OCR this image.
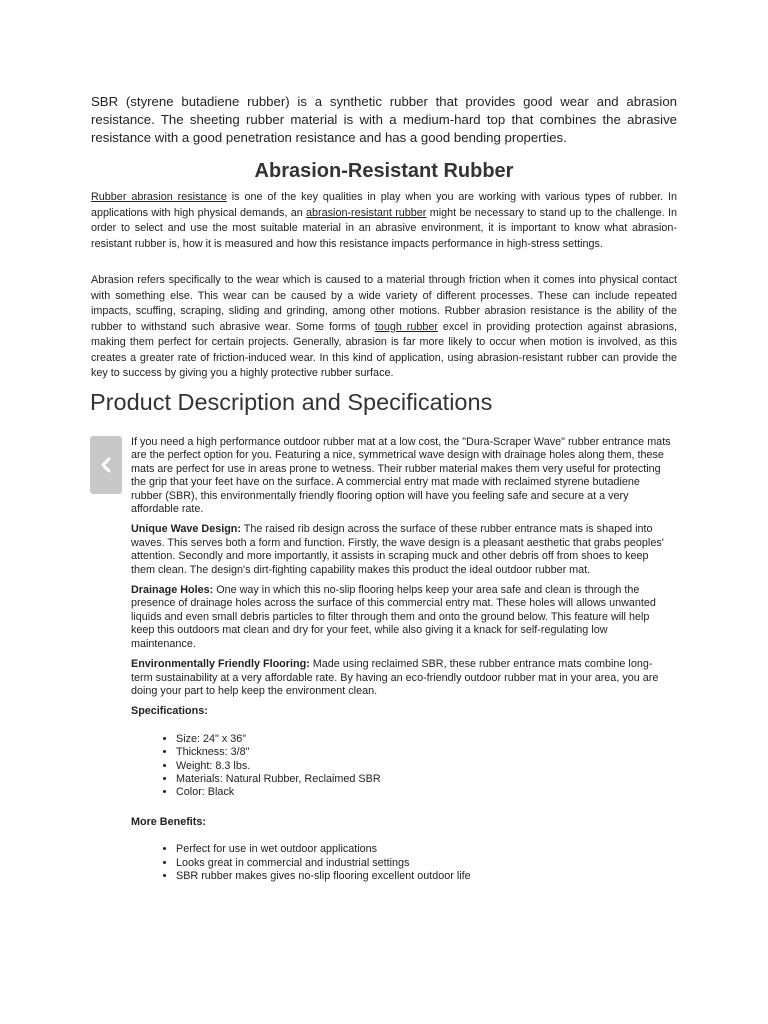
SBR (styrene butadiene rubber) is a synthetic rubber that provides good wear and abrasion resistance. The sheeting rubber material is with a medium-hard top that combines the abrasive resistance with a good penetration resistance and has a good bending properties.

Abrasion-Resistant Rubber

Rubber abrasion resistance is one of the key qualities in play when you are working with various types of rubber. In applications with high physical demands, an abrasion-resistant rubber might be necessary to stand up to the challenge. In order to select and use the most suitable material in an abrasive environment, it is important to know what abrasion-resistant rubber is, how it is measured and how this resistance impacts performance in high-stress settings.

Abrasion refers specifically to the wear which is caused to a material through friction when it comes into physical contact with something else. This wear can be caused by a wide variety of different processes. These can include repeated impacts, scuffing, scraping, sliding and grinding, among other motions. Rubber abrasion resistance is the ability of the rubber to withstand such abrasive wear. Some forms of tough rubber excel in providing protection against abrasions, making them perfect for certain projects. Generally, abrasion is far more likely to occur when motion is involved, as this creates a greater rate of friction-induced wear. In this kind of application, using abrasion-resistant rubber can provide the key to success by giving you a highly protective rubber surface.

Product Description and Specifications

If you need a high performance outdoor rubber mat at a low cost, the "Dura-Scraper Wave" rubber entrance mats are the perfect option for you. Featuring a nice, symmetrical wave design with drainage holes along them, these mats are perfect for use in areas prone to wetness. Their rubber material makes them very useful for protecting the grip that your feet have on the surface. A commercial entry mat made with reclaimed styrene butadiene rubber (SBR), this environmentally friendly flooring option will have you feeling safe and secure at a very affordable rate.

Unique Wave Design: The raised rib design across the surface of these rubber entrance mats is shaped into waves. This serves both a form and function. Firstly, the wave design is a pleasant aesthetic that grabs peoples' attention. Secondly and more importantly, it assists in scraping muck and other debris off from shoes to keep them clean. The design's dirt-fighting capability makes this product the ideal outdoor rubber mat.

Drainage Holes: One way in which this no-slip flooring helps keep your area safe and clean is through the presence of drainage holes across the surface of this commercial entry mat. These holes will allows unwanted liquids and even small debris particles to filter through them and onto the ground below. This feature will help keep this outdoors mat clean and dry for your feet, while also giving it a knack for self-regulating low maintenance.

Environmentally Friendly Flooring: Made using reclaimed SBR, these rubber entrance mats combine long-term sustainability at a very affordable rate. By having an eco-friendly outdoor rubber mat in your area, you are doing your part to help keep the environment clean.

Specifications:

• Size: 24" x 36"
• Thickness: 3/8"
• Weight: 8.3 lbs.
• Materials: Natural Rubber, Reclaimed SBR
• Color: Black

More Benefits:

• Perfect for use in wet outdoor applications
• Looks great in commercial and industrial settings
• SBR rubber makes gives no-slip flooring excellent outdoor life
